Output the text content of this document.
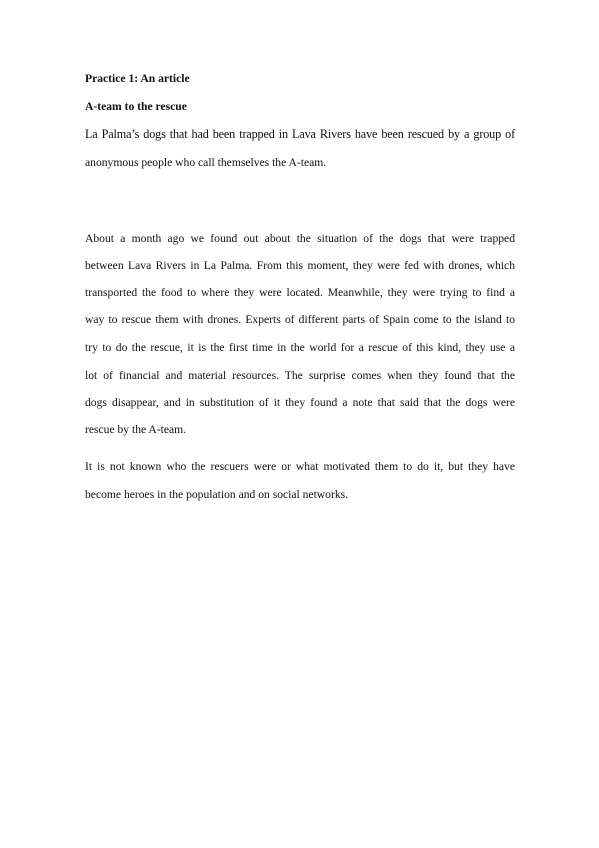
Practice 1: An article
A-team to the rescue
La Palma’s dogs that had been trapped in Lava Rivers have been rescued by a group of
anonymous people who call themselves the A-team.
About a month ago we found out about the situation of the dogs that were trapped
between Lava Rivers in La Palma. From this moment, they were fed with drones, which
transported the food to where they were located. Meanwhile, they were trying to find a
way to rescue them with drones. Experts of different parts of Spain come to the island to
try to do the rescue, it is the first time in the world for a rescue of this kind, they use a
lot of financial and material resources. The surprise comes when they found that the
dogs disappear, and in substitution of it they found a note that said that the dogs were
rescue by the A-team.
It is not known who the rescuers were or what motivated them to do it, but they have
become heroes in the population and on social networks.
